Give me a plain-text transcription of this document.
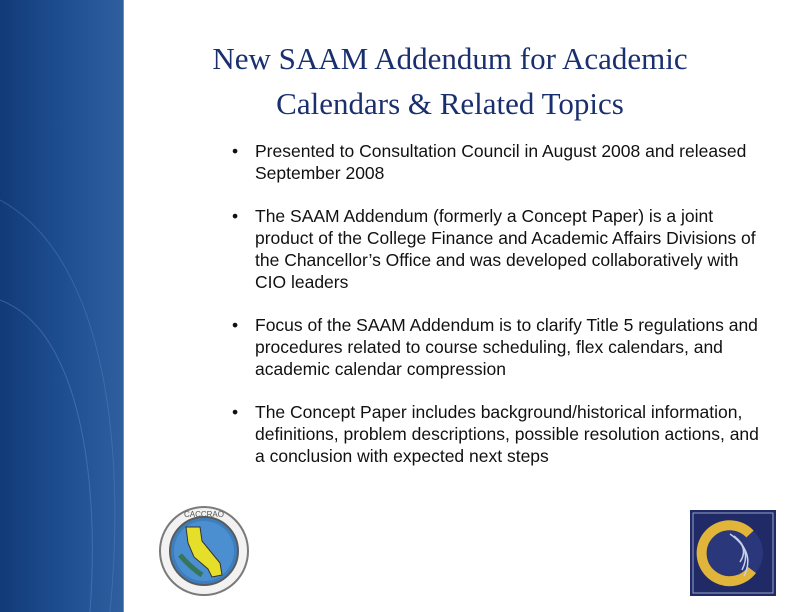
New SAAM Addendum for Academic
Calendars & Related Topics
• Presented to Consultation Council in August 2008 and released September 2008
• The SAAM Addendum (formerly a Concept Paper) is a joint product of the College Finance and Academic Affairs Divisions of the Chancellor’s Office and was developed collaboratively with CIO leaders
• Focus of the SAAM Addendum is to clarify Title 5 regulations and procedures related to course scheduling, flex calendars, and academic calendar compression
• The Concept Paper includes background/historical information, definitions, problem descriptions, possible resolution actions, and a conclusion with expected next steps
CACCRAO
